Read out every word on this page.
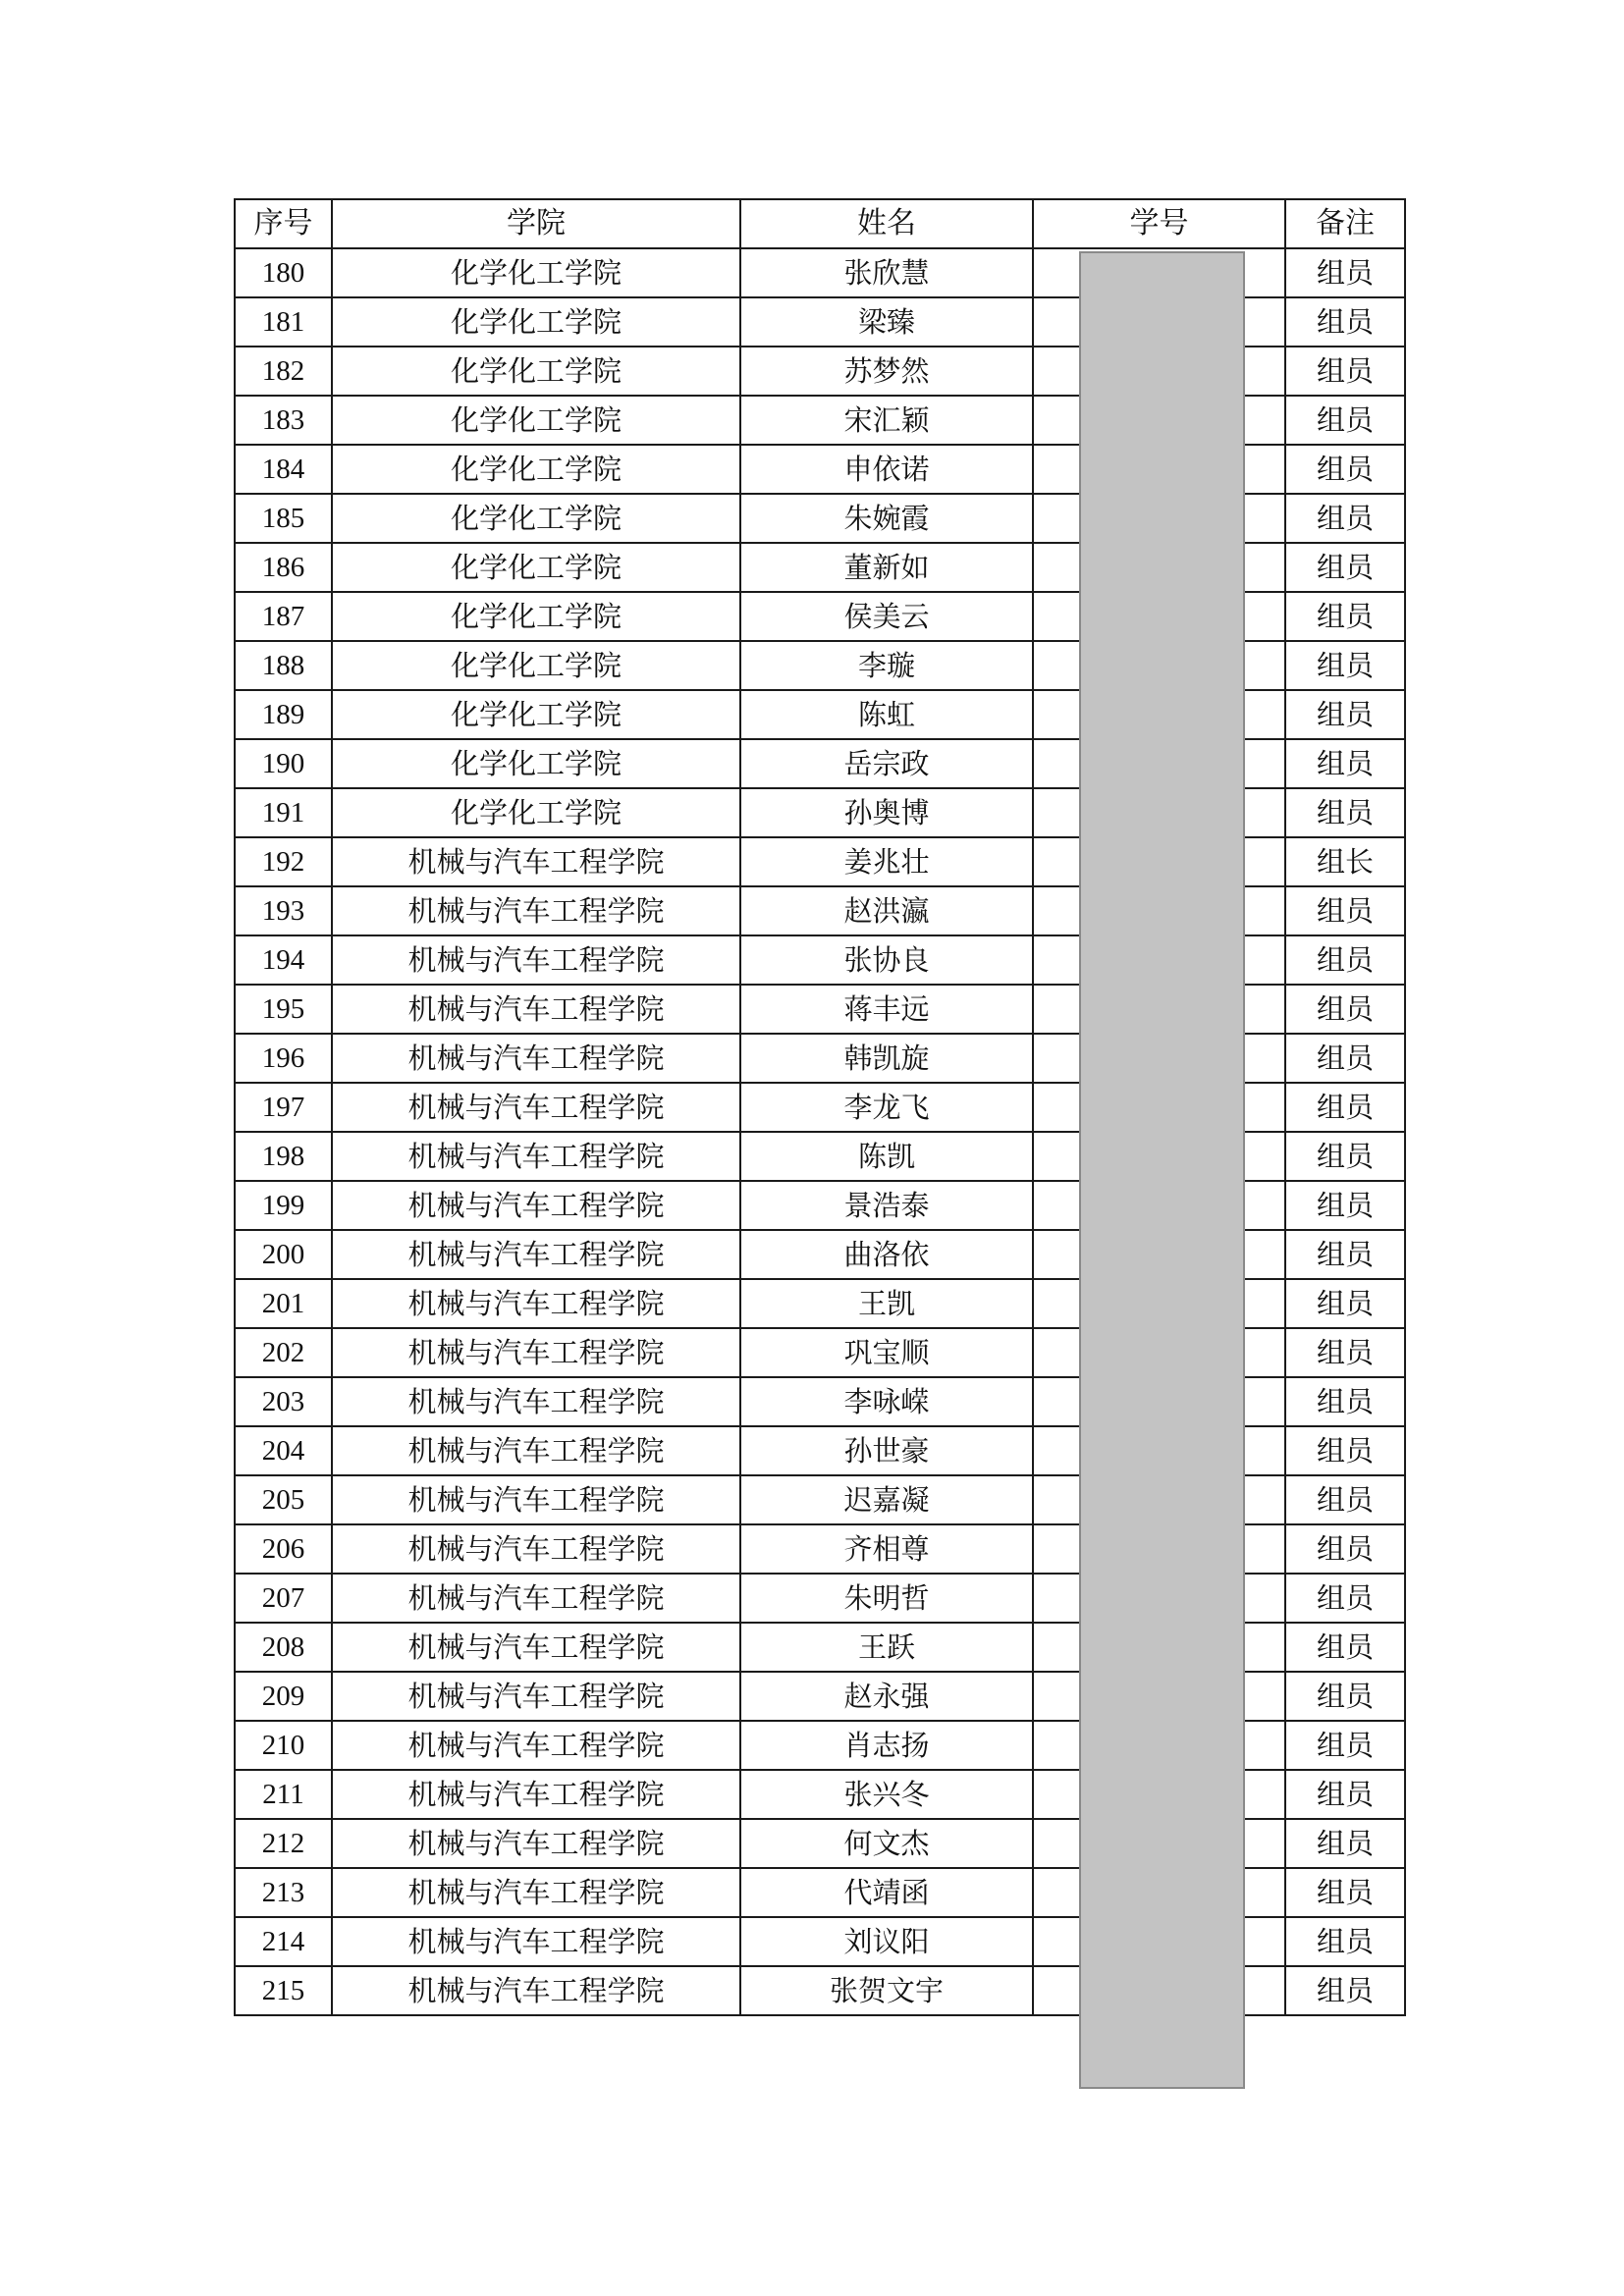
序号	学院	姓名	学号	备注
180	化学化工学院	张欣慧		组员
181	化学化工学院	梁臻		组员
182	化学化工学院	苏梦然		组员
183	化学化工学院	宋汇颖		组员
184	化学化工学院	申依诺		组员
185	化学化工学院	朱婉霞		组员
186	化学化工学院	董新如		组员
187	化学化工学院	侯美云		组员
188	化学化工学院	李璇		组员
189	化学化工学院	陈虹		组员
190	化学化工学院	岳宗政		组员
191	化学化工学院	孙奥博		组员
192	机械与汽车工程学院	姜兆壮		组长
193	机械与汽车工程学院	赵洪瀛		组员
194	机械与汽车工程学院	张协良		组员
195	机械与汽车工程学院	蒋丰远		组员
196	机械与汽车工程学院	韩凯旋		组员
197	机械与汽车工程学院	李龙飞		组员
198	机械与汽车工程学院	陈凯		组员
199	机械与汽车工程学院	景浩泰		组员
200	机械与汽车工程学院	曲洛依		组员
201	机械与汽车工程学院	王凯		组员
202	机械与汽车工程学院	巩宝顺		组员
203	机械与汽车工程学院	李咏嵘		组员
204	机械与汽车工程学院	孙世豪		组员
205	机械与汽车工程学院	迟嘉凝		组员
206	机械与汽车工程学院	齐相尊		组员
207	机械与汽车工程学院	朱明哲		组员
208	机械与汽车工程学院	王跃		组员
209	机械与汽车工程学院	赵永强		组员
210	机械与汽车工程学院	肖志扬		组员
211	机械与汽车工程学院	张兴冬		组员
212	机械与汽车工程学院	何文杰		组员
213	机械与汽车工程学院	代靖函		组员
214	机械与汽车工程学院	刘议阳		组员
215	机械与汽车工程学院	张贺文宇		组员
